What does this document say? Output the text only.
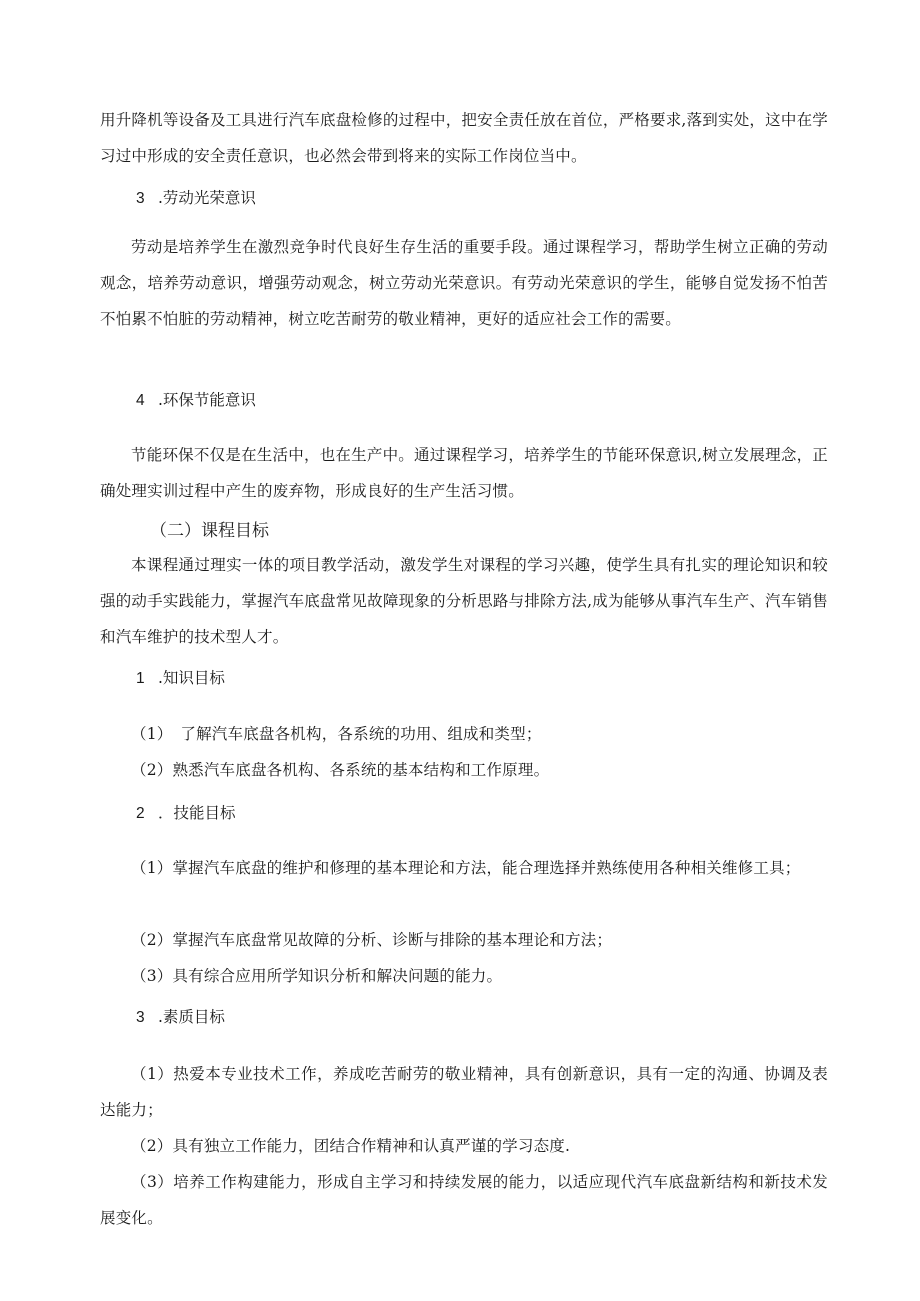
用升降机等设备及工具进行汽车底盘检修的过程中，把安全责任放在首位，严格要求,落到实处，这中在学习过中形成的安全责任意识，也必然会带到将来的实际工作岗位当中。

3 .劳动光荣意识

劳动是培养学生在激烈竞争时代良好生存生活的重要手段。通过课程学习，帮助学生树立正确的劳动观念，培养劳动意识，增强劳动观念，树立劳动光荣意识。有劳动光荣意识的学生，能够自觉发扬不怕苦不怕累不怕脏的劳动精神，树立吃苦耐劳的敬业精神，更好的适应社会工作的需要。

4 .环保节能意识

节能环保不仅是在生活中，也在生产中。通过课程学习，培养学生的节能环保意识,树立发展理念，正确处理实训过程中产生的废弃物，形成良好的生产生活习惯。

（二）课程目标

本课程通过理实一体的项目教学活动，激发学生对课程的学习兴趣，使学生具有扎实的理论知识和较强的动手实践能力，掌握汽车底盘常见故障现象的分析思路与排除方法,成为能够从事汽车生产、汽车销售和汽车维护的技术型人才。

1 .知识目标

（1）　了解汽车底盘各机构，各系统的功用、组成和类型；

（2）熟悉汽车底盘各机构、各系统的基本结构和工作原理。

2 ．技能目标

（1）掌握汽车底盘的维护和修理的基本理论和方法，能合理选择并熟练使用各种相关维修工具；

（2）掌握汽车底盘常见故障的分析、诊断与排除的基本理论和方法；

（3）具有综合应用所学知识分析和解决问题的能力。

3 .素质目标

（1）热爱本专业技术工作，养成吃苦耐劳的敬业精神，具有创新意识，具有一定的沟通、协调及表达能力；

（2）具有独立工作能力，团结合作精神和认真严谨的学习态度.

（3）培养工作构建能力，形成自主学习和持续发展的能力，以适应现代汽车底盘新结构和新技术发展变化。
